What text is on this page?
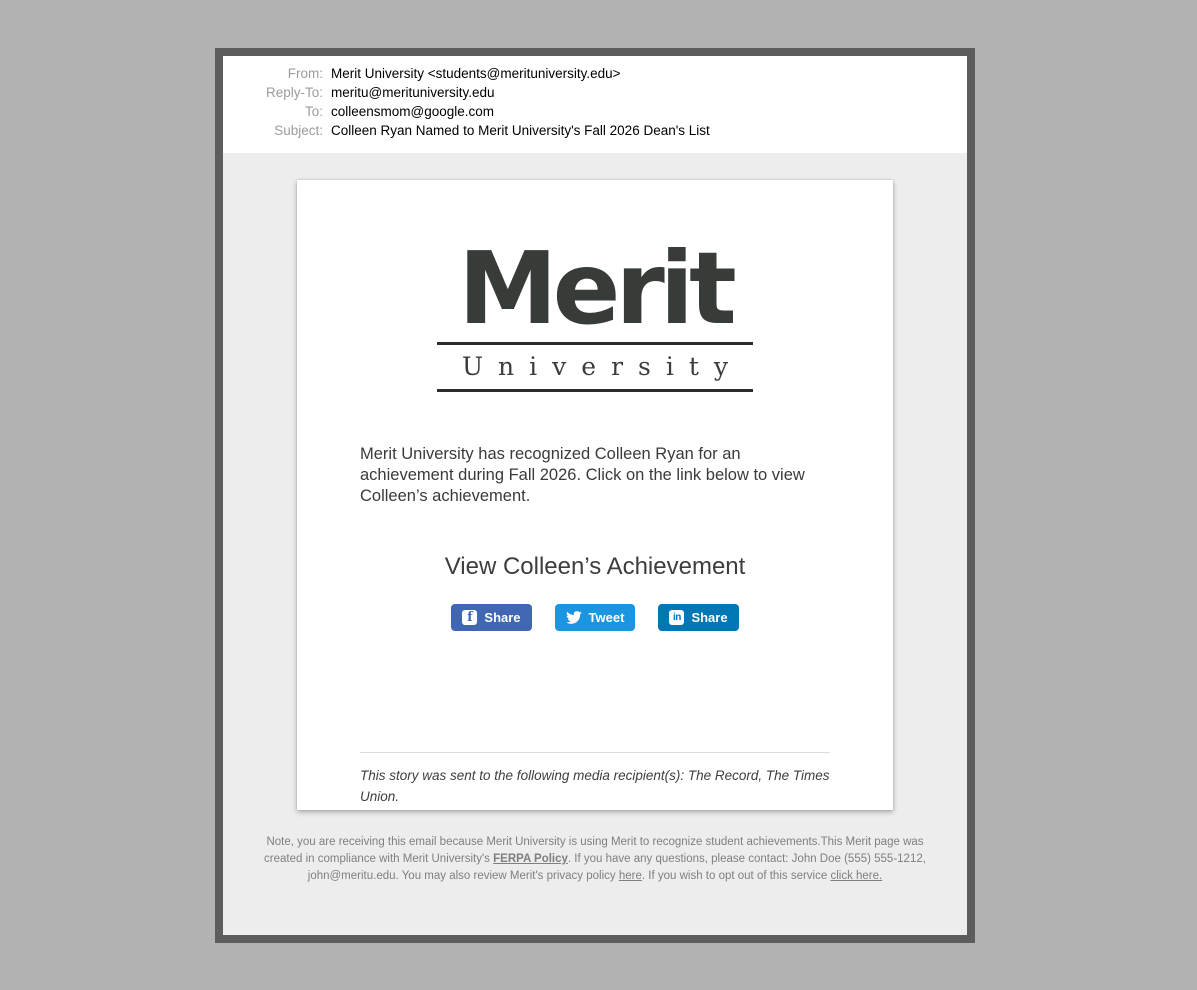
From: Merit University <students@merituniversity.edu>
Reply-To: meritu@merituniversity.edu
To: colleensmom@google.com
Subject: Colleen Ryan Named to Merit University's Fall 2026 Dean's List
Merit
University

Merit University has recognized Colleen Ryan for an achievement during Fall 2026. Click on the link below to view Colleen’s achievement.

View Colleen’s Achievement
f Share	Tweet	in Share

This story was sent to the following media recipient(s): The Record, The Times Union.

Note, you are receiving this email because Merit University is using Merit to recognize student achievements.This Merit page was created in compliance with Merit University's FERPA Policy. If you have any questions, please contact: John Doe (555) 555-1212, john@meritu.edu. You may also review Merit's privacy policy here. If you wish to opt out of this service click here.
